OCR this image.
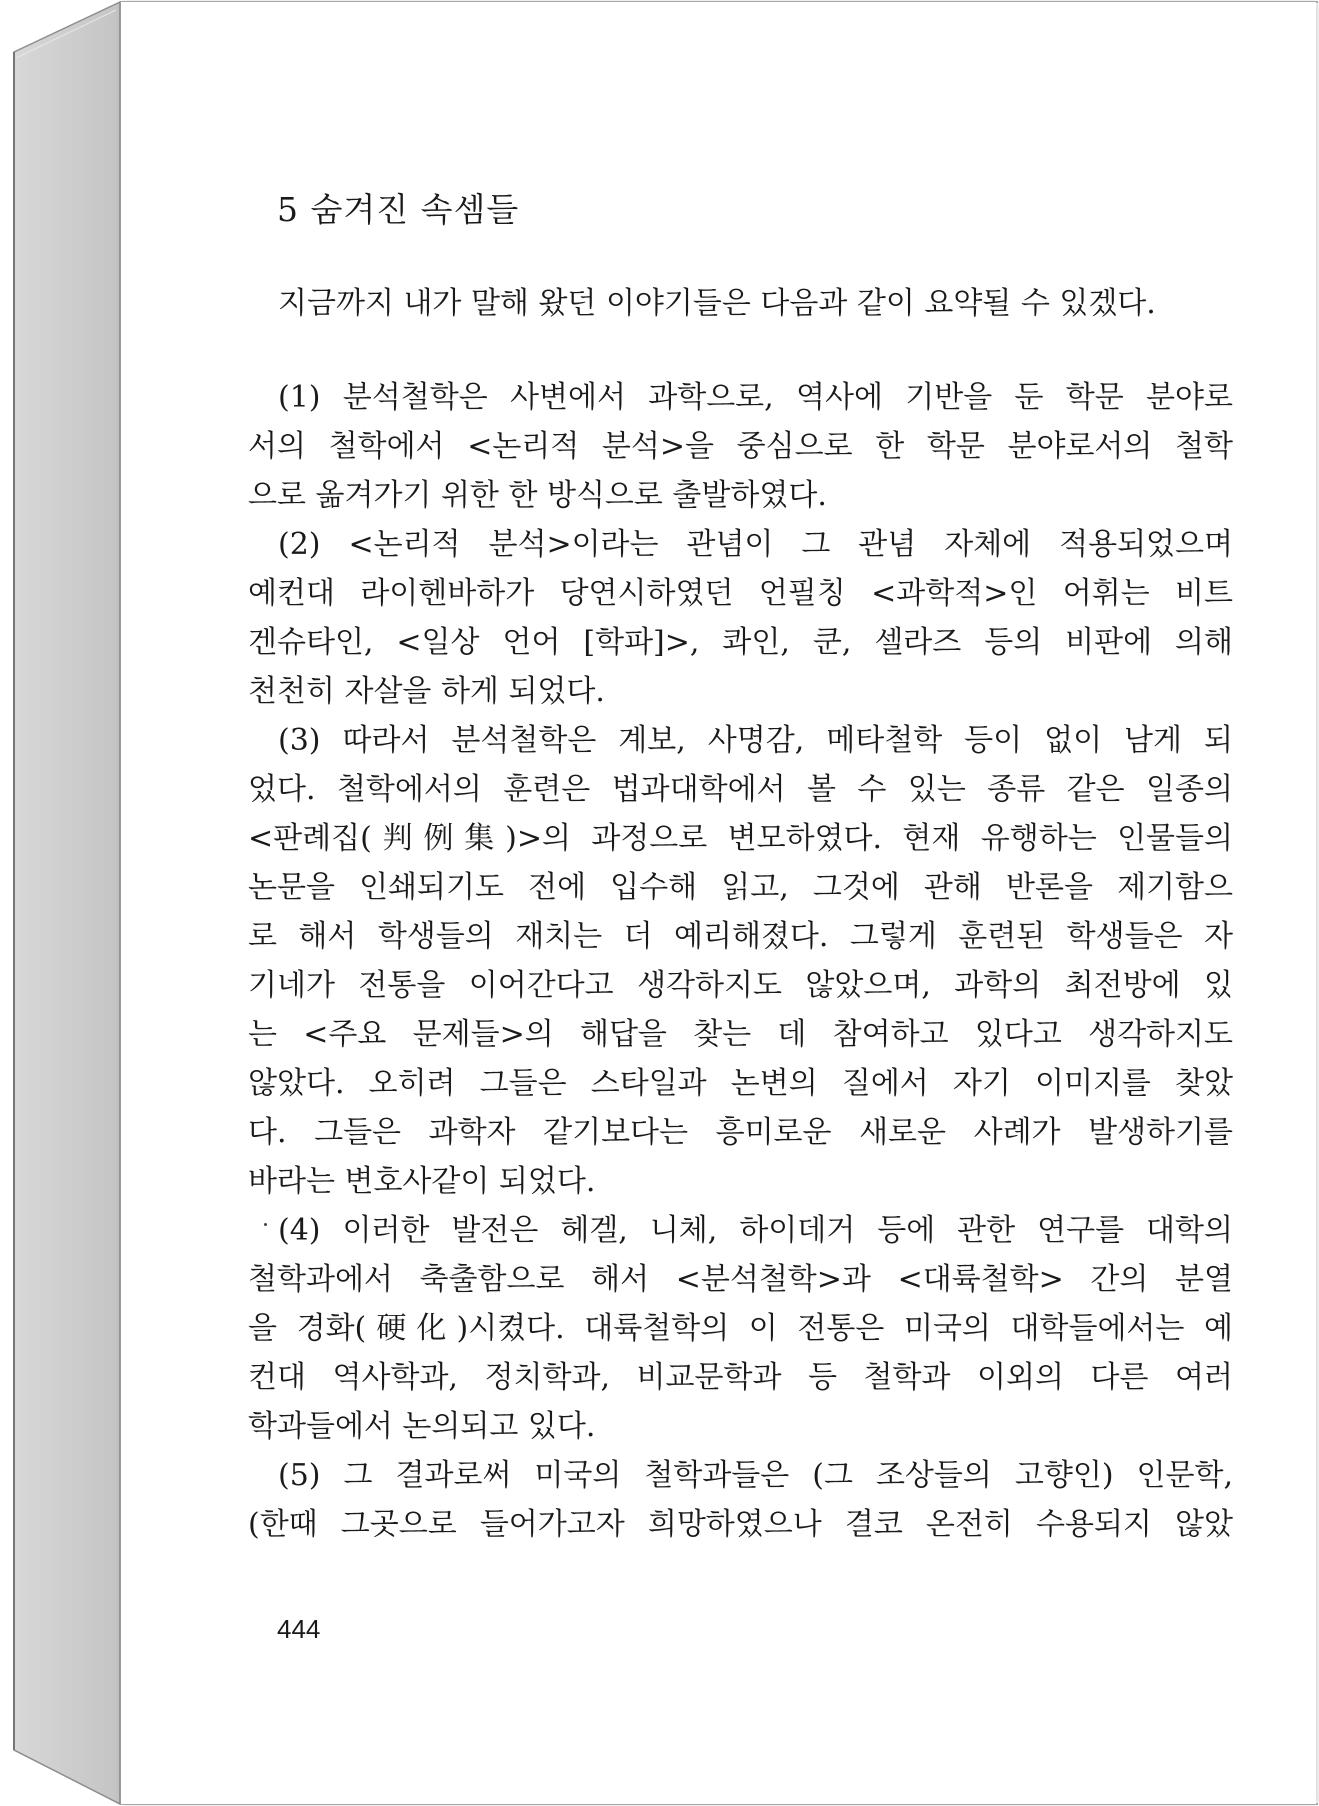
5 숨겨진 속셈들
지금까지 내가 말해 왔던 이야기들은 다음과 같이 요약될 수 있겠다.
(1) 분석철학은 사변에서 과학으로, 역사에 기반을 둔 학문 분야로
서의 철학에서 <논리적 분석>을 중심으로 한 학문 분야로서의 철학
으로 옮겨가기 위한 한 방식으로 출발하였다.
(2) <논리적 분석>이라는 관념이 그 관념 자체에 적용되었으며
예컨대 라이헨바하가 당연시하였던 언필칭 <과학적>인 어휘는 비트
겐슈타인, <일상 언어 [학파]>, 콰인, 쿤, 셀라즈 등의 비판에 의해
천천히 자살을 하게 되었다.
(3) 따라서 분석철학은 계보, 사명감, 메타철학 등이 없이 남게 되
었다. 철학에서의 훈련은 법과대학에서 볼 수 있는 종류 같은 일종의
<판례집(判例集)>의 과정으로 변모하였다. 현재 유행하는 인물들의
논문을 인쇄되기도 전에 입수해 읽고, 그것에 관해 반론을 제기함으
로 해서 학생들의 재치는 더 예리해졌다. 그렇게 훈련된 학생들은 자
기네가 전통을 이어간다고 생각하지도 않았으며, 과학의 최전방에 있
는 <주요 문제들>의 해답을 찾는 데 참여하고 있다고 생각하지도
않았다. 오히려 그들은 스타일과 논변의 질에서 자기 이미지를 찾았
다. 그들은 과학자 같기보다는 흥미로운 새로운 사례가 발생하기를
바라는 변호사같이 되었다.
(4) 이러한 발전은 헤겔, 니체, 하이데거 등에 관한 연구를 대학의
철학과에서 축출함으로 해서 <분석철학>과 <대륙철학> 간의 분열
을 경화(硬化)시켰다. 대륙철학의 이 전통은 미국의 대학들에서는 예
컨대 역사학과, 정치학과, 비교문학과 등 철학과 이외의 다른 여러
학과들에서 논의되고 있다.
(5) 그 결과로써 미국의 철학과들은 (그 조상들의 고향인) 인문학,
(한때 그곳으로 들어가고자 희망하였으나 결코 온전히 수용되지 않았
444
